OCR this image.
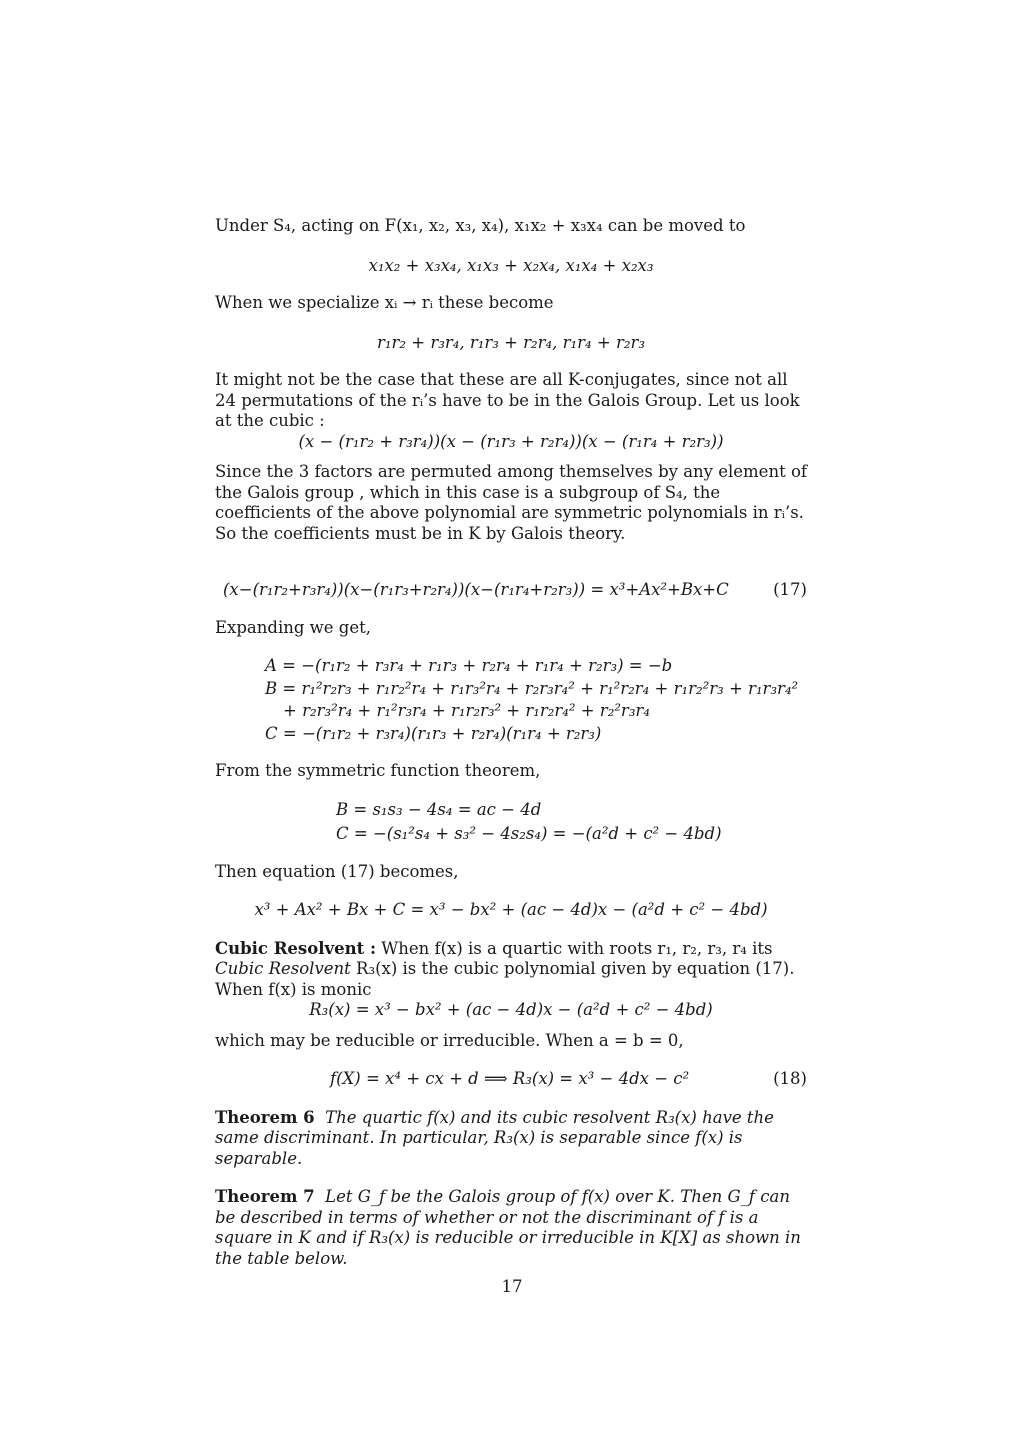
Under S₄, acting on F(x₁, x₂, x₃, x₄), x₁x₂ + x₃x₄ can be moved to

x₁x₂ + x₃x₄, x₁x₃ + x₂x₄, x₁x₄ + x₂x₃

When we specialize xᵢ → rᵢ these become

r₁r₂ + r₃r₄, r₁r₃ + r₂r₄, r₁r₄ + r₂r₃

It might not be the case that these are all K-conjugates, since not all 24 permutations of the rᵢ’s have to be in the Galois Group. Let us look at the cubic :

(x − (r₁r₂ + r₃r₄))(x − (r₁r₃ + r₂r₄))(x − (r₁r₄ + r₂r₃))

Since the 3 factors are permuted among themselves by any element of the Galois group , which in this case is a subgroup of S₄, the coefficients of the above polynomial are symmetric polynomials in rᵢ’s. So the coefficients must be in K by Galois theory.

(x−(r₁r₂+r₃r₄))(x−(r₁r₃+r₂r₄))(x−(r₁r₄+r₂r₃)) = x³+Ax²+Bx+C	(17)

Expanding we get,

A = −(r₁r₂ + r₃r₄ + r₁r₃ + r₂r₄ + r₁r₄ + r₂r₃) = −b
B = r₁²r₂r₃ + r₁r₂²r₄ + r₁r₃²r₄ + r₂r₃r₄² + r₁²r₂r₄ + r₁r₂²r₃ + r₁r₃r₄²
+ r₂r₃²r₄ + r₁²r₃r₄ + r₁r₂r₃² + r₁r₂r₄² + r₂²r₃r₄
C = −(r₁r₂ + r₃r₄)(r₁r₃ + r₂r₄)(r₁r₄ + r₂r₃)

From the symmetric function theorem,

B = s₁s₃ − 4s₄ = ac − 4d
C = −(s₁²s₄ + s₃² − 4s₂s₄) = −(a²d + c² − 4bd)

Then equation (17) becomes,

x³ + Ax² + Bx + C = x³ − bx² + (ac − 4d)x − (a²d + c² − 4bd)

Cubic Resolvent : When f(x) is a quartic with roots r₁, r₂, r₃, r₄ its Cubic Resolvent R₃(x) is the cubic polynomial given by equation (17). When f(x) is monic

R₃(x) = x³ − bx² + (ac − 4d)x − (a²d + c² − 4bd)

which may be reducible or irreducible. When a = b = 0,

f(X) = x⁴ + cx + d ⟹ R₃(x) = x³ − 4dx − c²	(18)

Theorem 6 The quartic f(x) and its cubic resolvent R₃(x) have the same discriminant. In particular, R₃(x) is separable since f(x) is separable.

Theorem 7 Let G_f be the Galois group of f(x) over K. Then G_f can be described in terms of whether or not the discriminant of f is a square in K and if R₃(x) is reducible or irreducible in K[X] as shown in the table below.

17
